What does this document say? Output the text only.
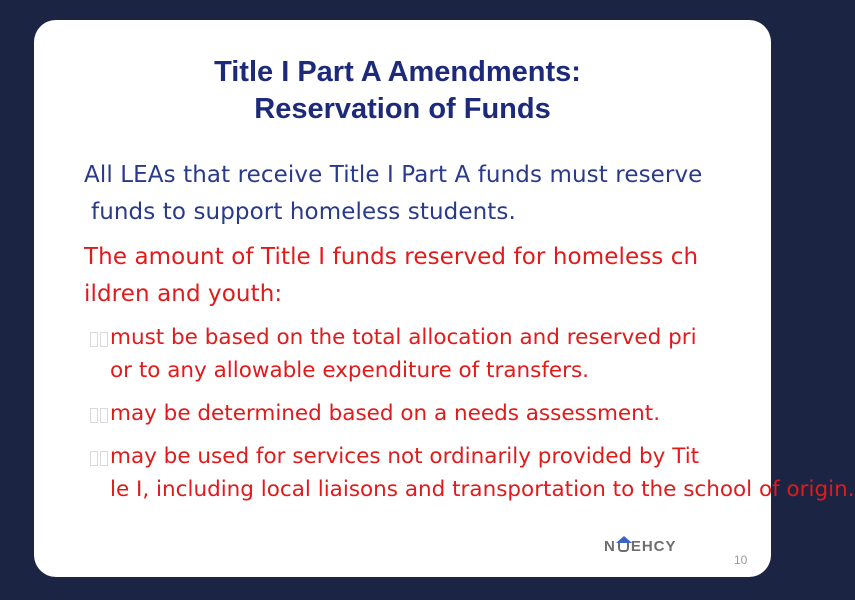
Title I Part A Amendments:
Reservation of Funds
All LEAs that receive Title I Part A funds must reserve
funds to support homeless students.
The amount of Title I funds reserved for homeless ch
ildren and youth:
must be based on the total allocation and reserved pri
or to any allowable expenditure of transfers.
may be determined based on a needs assessment.
may be used for services not ordinarily provided by Tit
le I, including local liaisons and transportation to the school of origin.
N EHCY
10
